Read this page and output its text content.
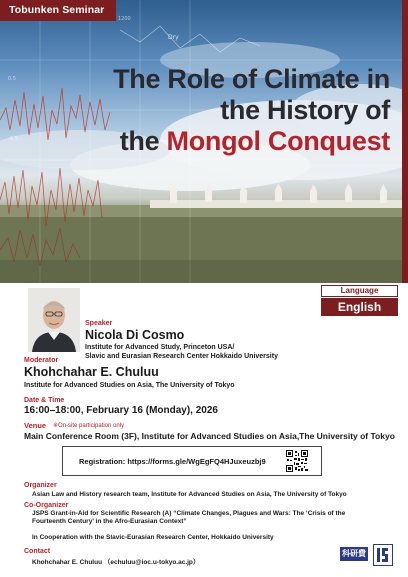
1200
0.5
-0.5
Dry
Tobunken Seminar
The Role of Climate in
the History of
the Mongol Conquest
Language
English
Speaker
Nicola Di Cosmo
Institute for Advanced Study, Princeton USA/
Slavic and Eurasian Research Center Hokkaido University
Moderator
Khohchahar E. Chuluu
Institute for Advanced Studies on Asia, The University of Tokyo
Date & Time
16:00–18:00, February 16 (Monday), 2026
Venue ※On-site participation only
Main Conference Room (3F), Institute for Advanced Studies on Asia,The University of Tokyo
Registration: https://forms.gle/WgEgFQ4HJuxeuzbj9
Organizer
Asian Law and History research team, Institute for Advanced Studies on Asia, The University of Tokyo
Co-Organizer
JSPS Grant-in-Aid for Scientific Research (A) “Climate Changes, Plagues and Wars: The ‘Crisis of the Fourteenth Century’ in the Afro-Eurasian Context”
In Cooperation with the Slavic-Eurasian Research Center, Hokkaido University
Contact
Khohchahar E. Chuluu （echuluu@ioc.u-tokyo.ac.jp）
科研費
